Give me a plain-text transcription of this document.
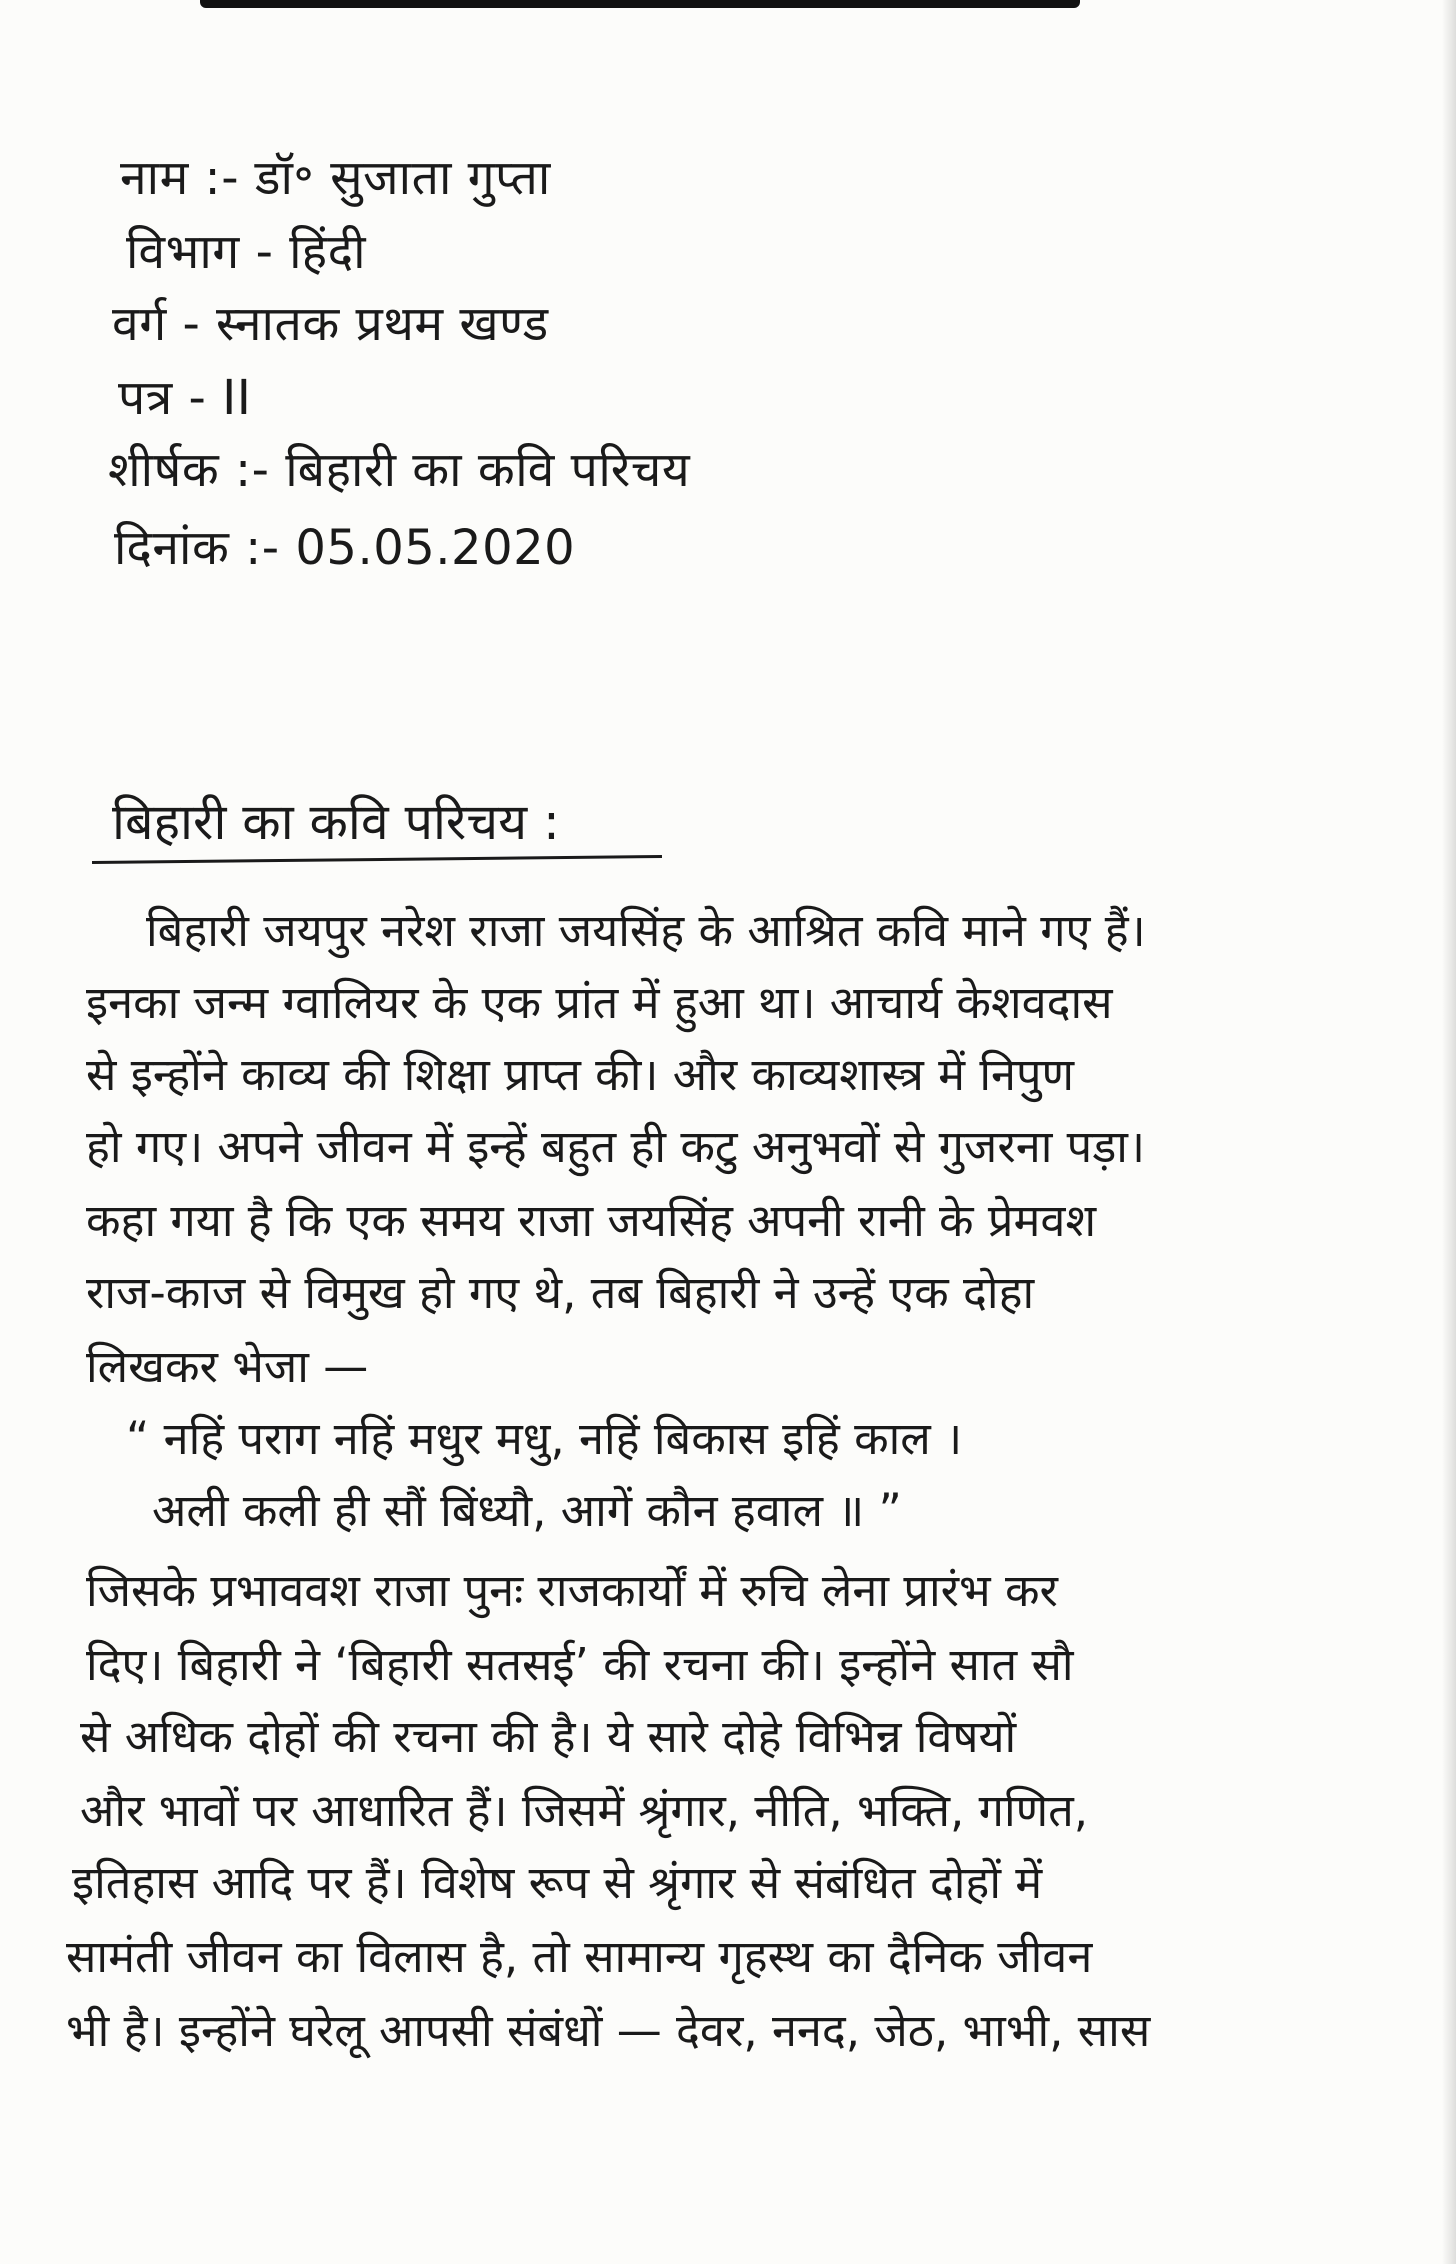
नाम :- डॉ॰ सुजाता गुप्ता
विभाग - हिंदी
वर्ग - स्नातक प्रथम खण्ड
पत्र - II
शीर्षक :- बिहारी का कवि परिचय
दिनांक :- 05.05.2020
बिहारी का कवि परिचय :
बिहारी जयपुर नरेश राजा जयसिंह के आश्रित कवि माने गए हैं।
इनका जन्म ग्वालियर के एक प्रांत में हुआ था। आचार्य केशवदास
से इन्होंने काव्य की शिक्षा प्राप्त की। और काव्यशास्त्र में निपुण
हो गए। अपने जीवन में इन्हें बहुत ही कटु अनुभवों से गुजरना पड़ा।
कहा गया है कि एक समय राजा जयसिंह अपनी रानी के प्रेमवश
राज-काज से विमुख हो गए थे, तब बिहारी ने उन्हें एक दोहा
लिखकर भेजा —
“ नहिं पराग नहिं मधुर मधु, नहिं बिकास इहिं काल ।
अली कली ही सौं बिंध्यौ, आगें कौन हवाल ॥ ”
जिसके प्रभाववश राजा पुनः राजकार्यों में रुचि लेना प्रारंभ कर
दिए। बिहारी ने ‘बिहारी सतसई’ की रचना की। इन्होंने सात सौ
से अधिक दोहों की रचना की है। ये सारे दोहे विभिन्न विषयों
और भावों पर आधारित हैं। जिसमें श्रृंगार, नीति, भक्ति, गणित,
इतिहास आदि पर हैं। विशेष रूप से श्रृंगार से संबंधित दोहों में
सामंती जीवन का विलास है, तो सामान्य गृहस्थ का दैनिक जीवन
भी है। इन्होंने घरेलू आपसी संबंधों — देवर, ननद, जेठ, भाभी, सास
